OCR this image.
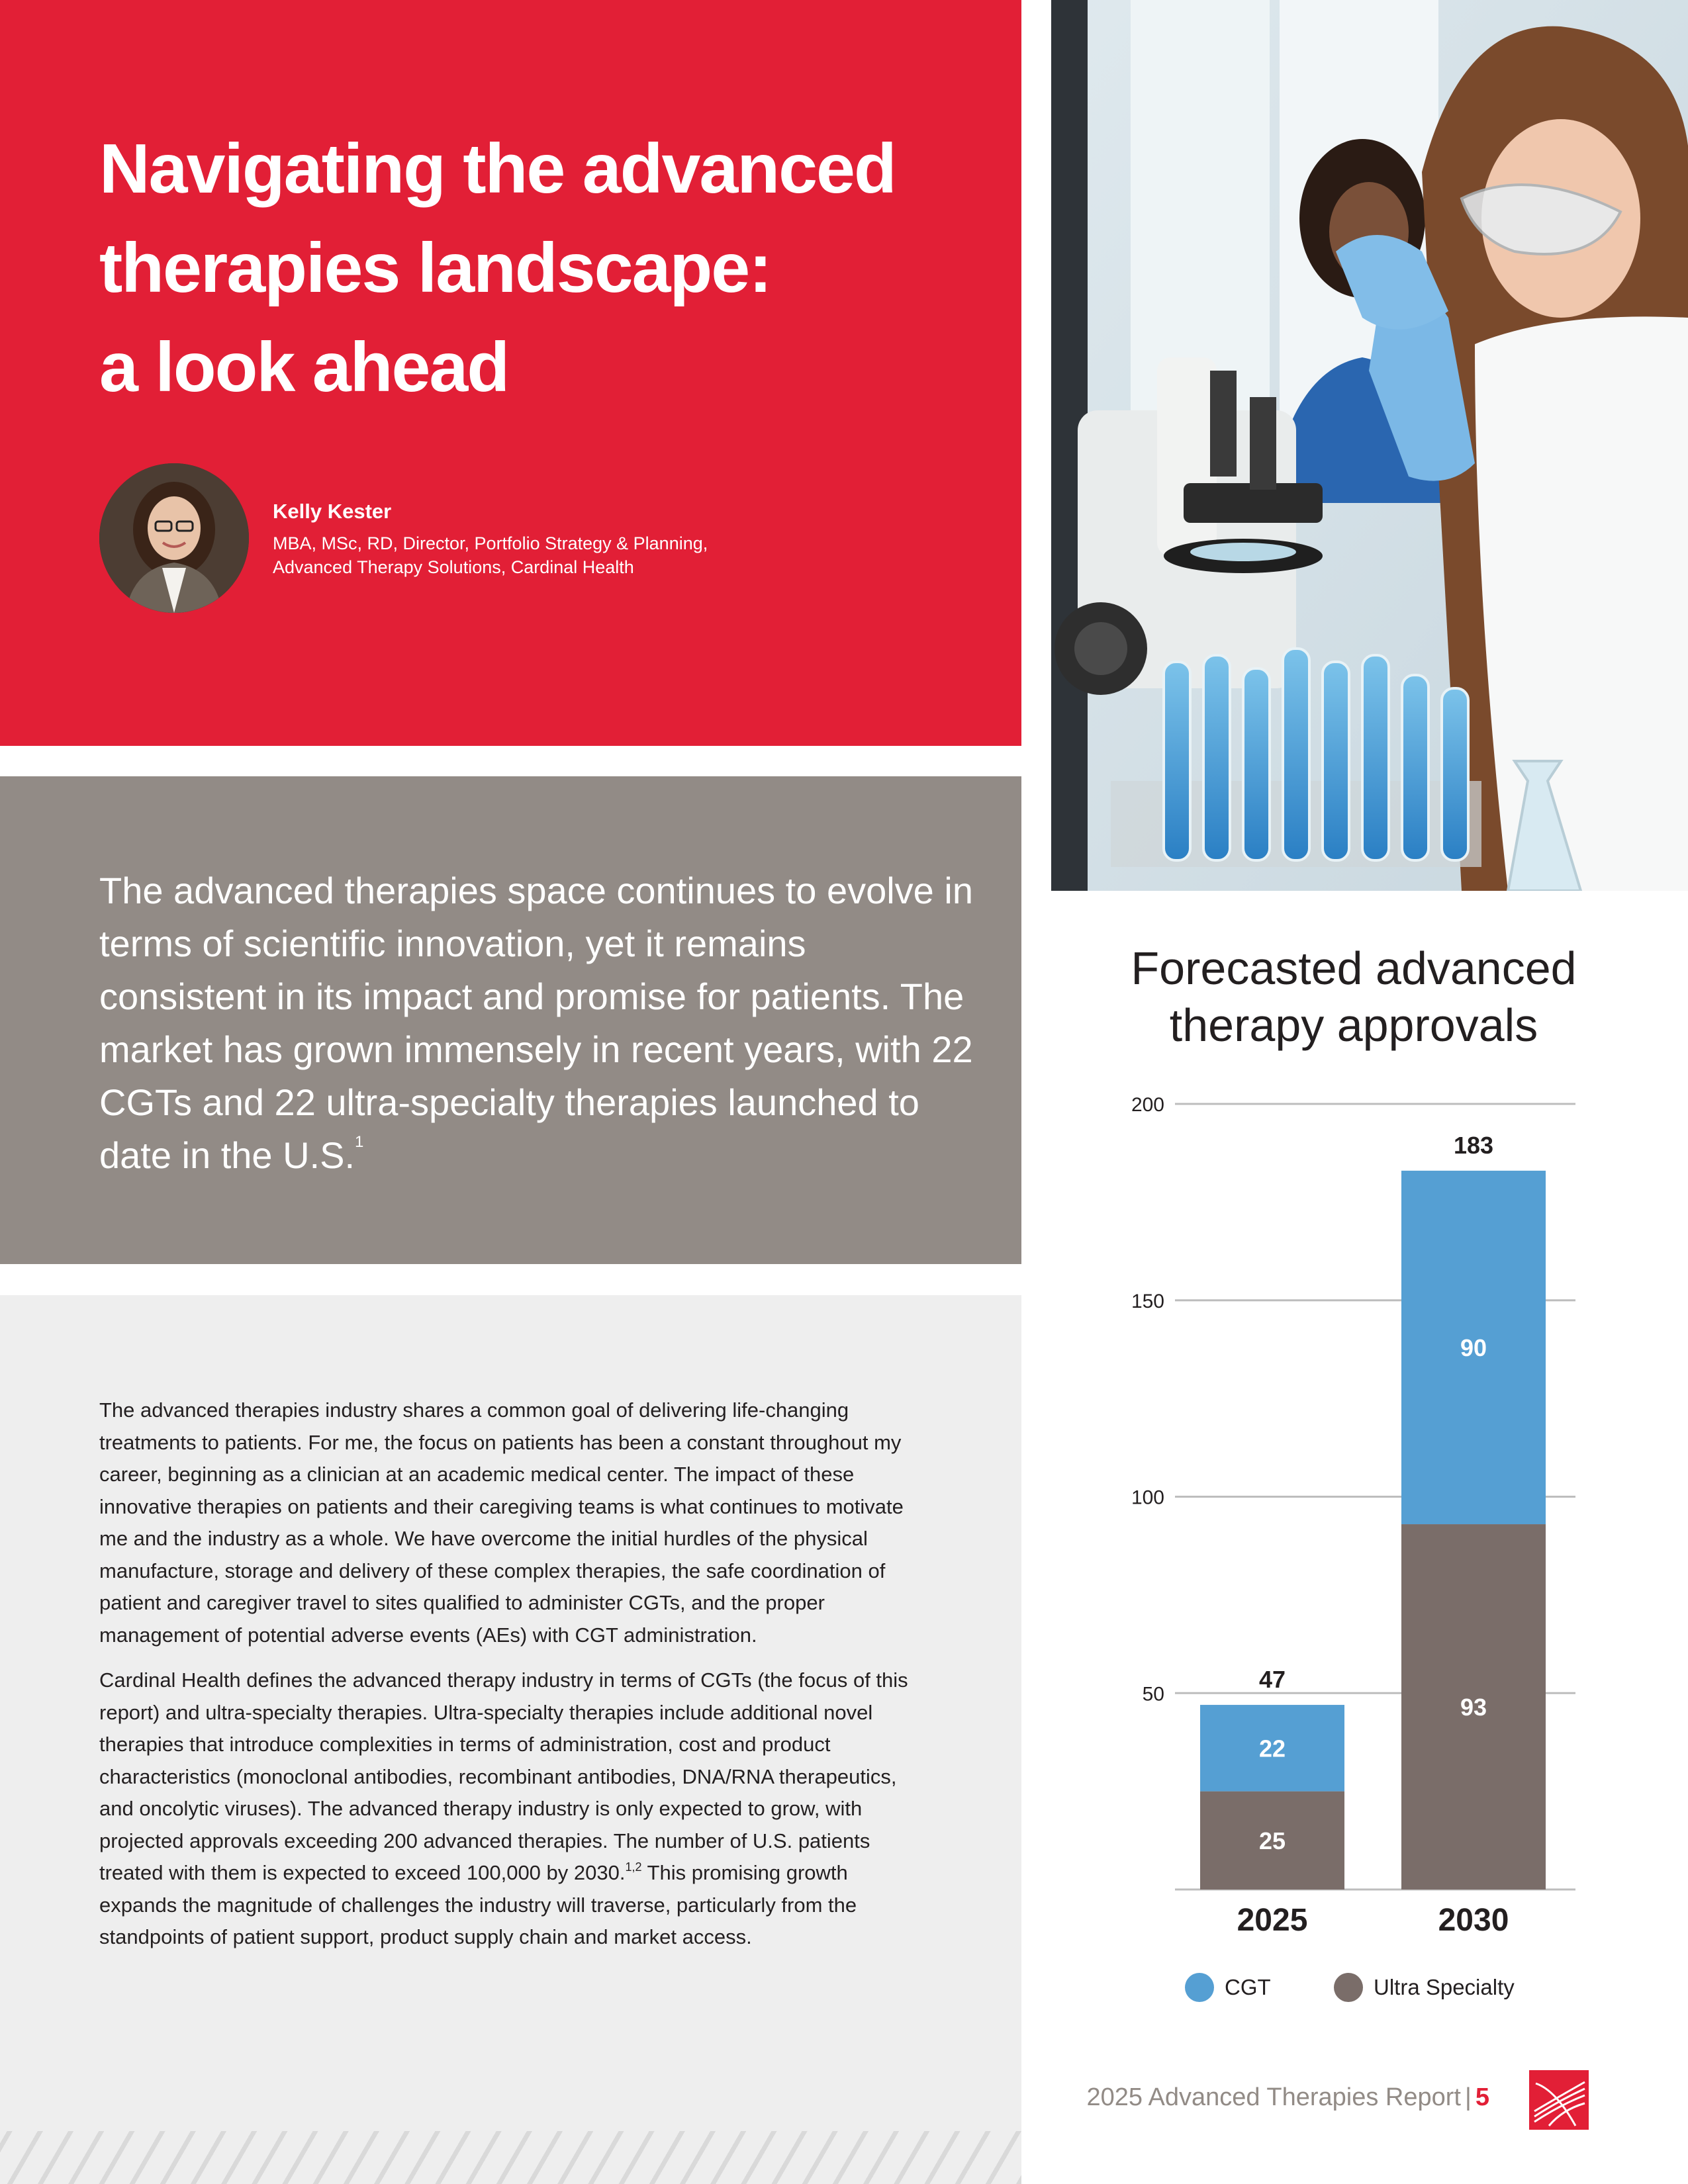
Navigating the advanced
therapies landscape:
a look ahead
Kelly Kester
MBA, MSc, RD, Director, Portfolio Strategy & Planning,
Advanced Therapy Solutions, Cardinal Health
The advanced therapies space continues to evolve in terms of scientific innovation, yet it remains consistent in its impact and promise for patients. The market has grown immensely in recent years, with 22 CGTs and 22 ultra-specialty therapies launched to date in the U.S.$^1$

The advanced therapies industry shares a common goal of delivering life-changing treatments to patients. For me, the focus on patients has been a constant throughout my career, beginning as a clinician at an academic medical center. The impact of these innovative therapies on patients and their caregiving teams is what continues to motivate me and the industry as a whole. We have overcome the initial hurdles of the physical manufacture, storage and delivery of these complex therapies, the safe coordination of patient and caregiver travel to sites qualified to administer CGTs, and the proper management of potential adverse events (AEs) with CGT administration.

Cardinal Health defines the advanced therapy industry in terms of CGTs (the focus of this report) and ultra-specialty therapies. Ultra-specialty therapies include additional novel therapies that introduce complexities in terms of administration, cost and product characteristics (monoclonal antibodies, recombinant antibodies, DNA/RNA therapeutics, and oncolytic viruses). The advanced therapy industry is only expected to grow, with projected approvals exceeding 200 advanced therapies. The number of U.S. patients treated with them is expected to exceed 100,000 by 2030.$^{1,2}$ This promising growth expands the magnitude of challenges the industry will traverse, particularly from the standpoints of patient support, product supply chain and market access.

Forecasted advanced therapy approvals
50
100
150
200
25
22
47
2025
93
90
183
2030
CGT	Ultra Specialty
2025 Advanced Therapies Report | 5
